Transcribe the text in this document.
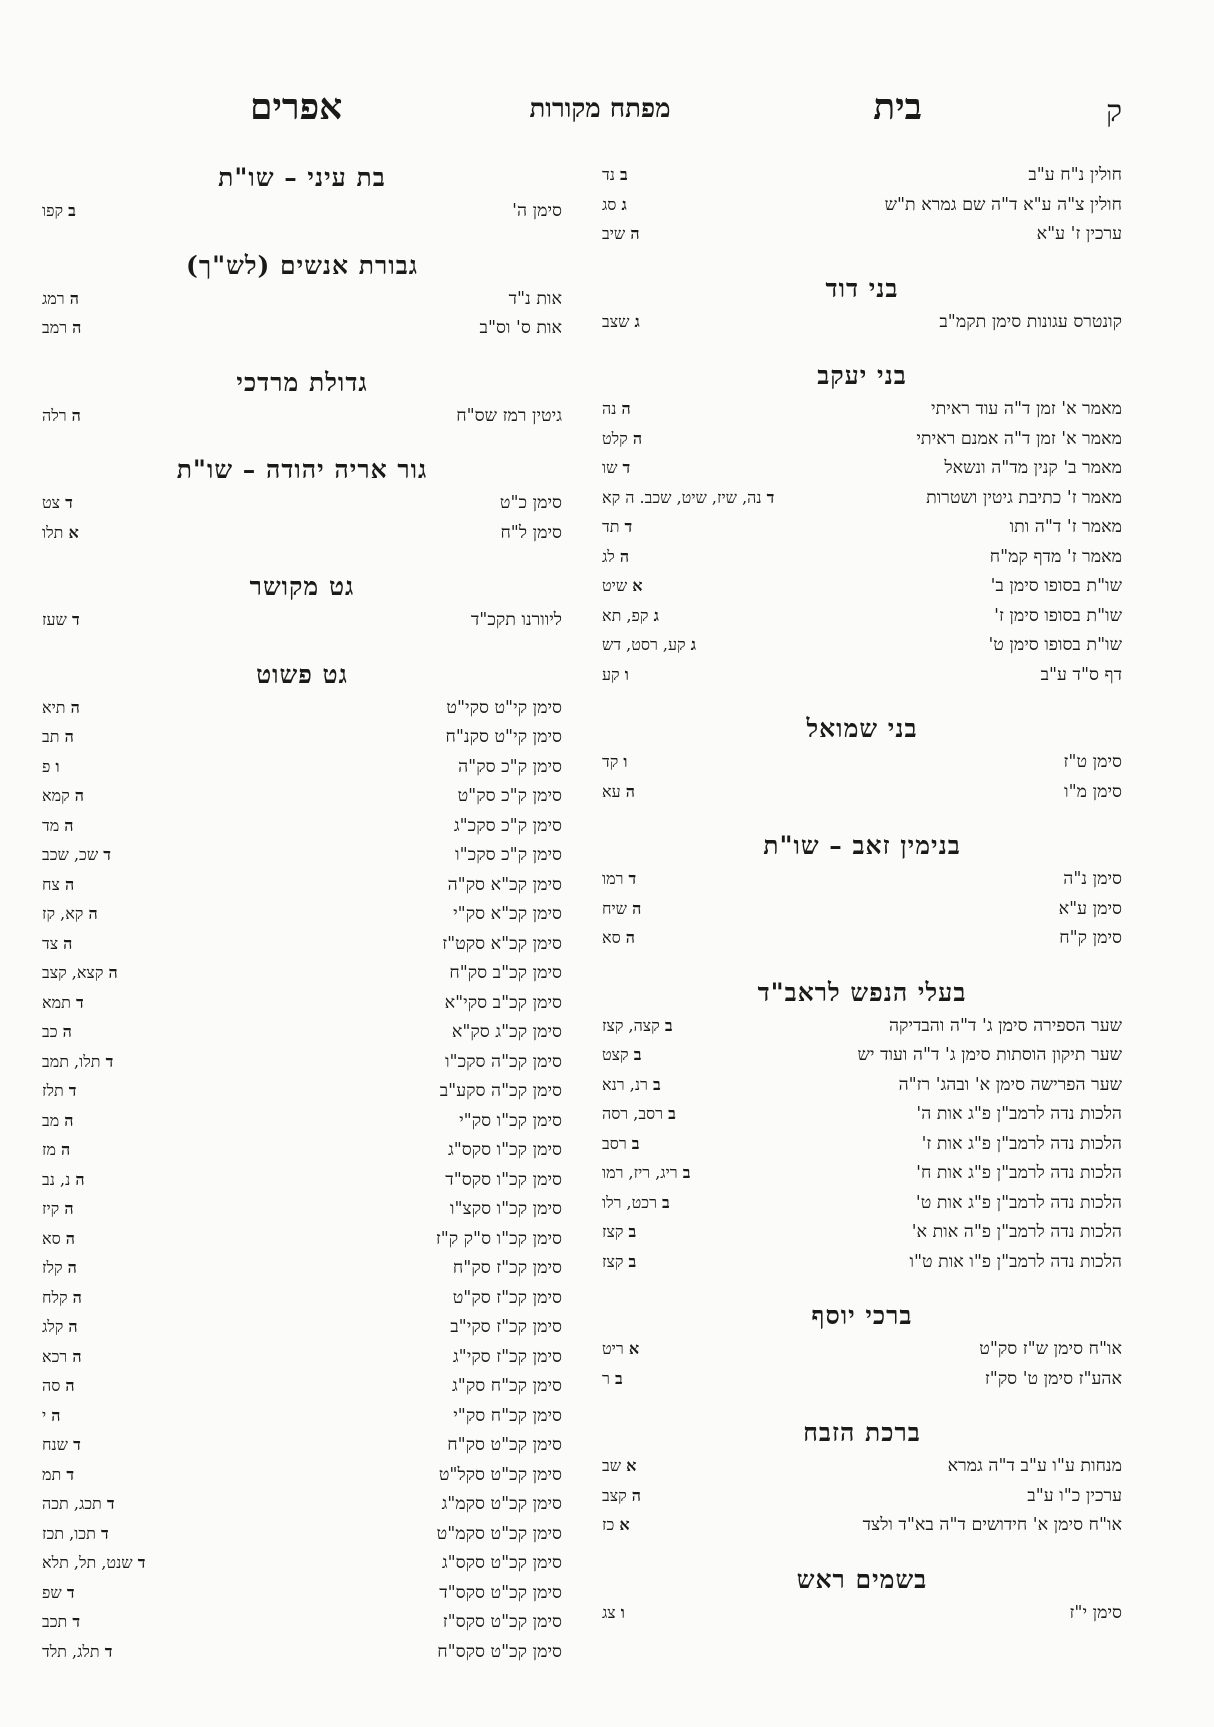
ק
בית
מפתח מקורות
אפרים
חולין נ"ח ע"ב
ב נד
חולין צ"ה ע"א ד"ה שם גמרא ת"ש
ג סג
ערכין ז' ע"א
ה שיב
בני דוד
קונטרס עגונות סימן תקמ"ב
ג שצב
בני יעקב
מאמר א' זמן ד"ה עוד ראיתי
ה נה
מאמר א' זמן ד"ה אמנם ראיתי
ה קלט
מאמר ב' קנין מד"ה ונשאל
ד שו
מאמר ז' כתיבת גיטין ושטרות
ד נה, שיז, שיט, שכב. ה קא
מאמר ז' ד"ה ותו
ד תד
מאמר ז' מדף קמ"ח
ה לג
שו"ת בסופו סימן ב'
א שיט
שו"ת בסופו סימן ז'
ג קפ, תא
שו"ת בסופו סימן ט'
ג קע, רסט, דש
דף ס"ד ע"ב
ו קע
בני שמואל
סימן ט"ז
ו קד
סימן מ"ו
ה עא
בנימין זאב – שו"ת
סימן נ"ה
ד רמו
סימן ע"א
ה שיח
סימן ק"ח
ה סא
בעלי הנפש לראב"ד
שער הספירה סימן ג' ד"ה והבדיקה
ב קצה, קצז
שער תיקון הוסתות סימן ג' ד"ה ועוד יש
ב קצט
שער הפרישה סימן א' ובהג' רז"ה
ב רנ, רנא
הלכות נדה לרמב"ן פ"ג אות ה'
ב רסב, רסה
הלכות נדה לרמב"ן פ"ג אות ז'
ב רסב
הלכות נדה לרמב"ן פ"ג אות ח'
ב ריג, ריז, רמו
הלכות נדה לרמב"ן פ"ג אות ט'
ב רכט, רלו
הלכות נדה לרמב"ן פ"ה אות א'
ב קצז
הלכות נדה לרמב"ן פ"ו אות ט"ו
ב קצז
ברכי יוסף
או"ח סימן ש"ז סק"ט
א ריט
אהע"ז סימן ט' סק"ז
ב ר
ברכת הזבח
מנחות ע"ו ע"ב ד"ה גמרא
א שב
ערכין כ"ו ע"ב
ה קצב
או"ח סימן א' חידושים ד"ה בא"ד ולצד
א כז
בשמים ראש
סימן י"ז
ו צג
בת עיני – שו"ת
סימן ה'
ב קפו
גבורת אנשים (לש"ך)
אות נ"ד
ה רמג
אות ס' וס"ב
ה רמב
גדולת מרדכי
גיטין רמז שס"ח
ה רלה
גור אריה יהודה – שו"ת
סימן כ"ט
ד צט
סימן ל"ח
א תלו
גט מקושר
ליוורנו תקכ"ד
ד שעז
גט פשוט
סימן קי"ט סקי"ט
ה תיא
סימן קי"ט סקנ"ח
ה תב
סימן ק"כ סק"ה
ו פ
סימן ק"כ סק"ט
ה קמא
סימן ק"כ סקכ"ג
ה מד
סימן ק"כ סקכ"ו
ד שכ, שכב
סימן קכ"א סק"ה
ה צח
סימן קכ"א סק"י
ה קא, קז
סימן קכ"א סקט"ז
ה צד
סימן קכ"ב סק"ח
ה קצא, קצב
סימן קכ"ב סקי"א
ד תמא
סימן קכ"ג סק"א
ה כב
סימן קכ"ה סקכ"ו
ד תלו, תמב
סימן קכ"ה סקע"ב
ד תלז
סימן קכ"ו סק"י
ה מב
סימן קכ"ו סקס"ג
ה מז
סימן קכ"ו סקס"ד
ה נ, נב
סימן קכ"ו סקצ"ו
ה קיז
סימן קכ"ו ס"ק ק"ז
ה סא
סימן קכ"ז סק"ח
ה קלז
סימן קכ"ז סק"ט
ה קלח
סימן קכ"ז סקי"ב
ה קלג
סימן קכ"ז סקי"ג
ה רכא
סימן קכ"ח סק"ג
ה סה
סימן קכ"ח סק"י
ה י
סימן קכ"ט סק"ח
ד שנח
סימן קכ"ט סקל"ט
ד תמ
סימן קכ"ט סקמ"ג
ד תכג, תכה
סימן קכ"ט סקמ"ט
ד תכו, תכז
סימן קכ"ט סקס"ג
ד שנט, תל, תלא
סימן קכ"ט סקס"ד
ד שפ
סימן קכ"ט סקס"ז
ד תכב
סימן קכ"ט סקס"ח
ד תלג, תלד
